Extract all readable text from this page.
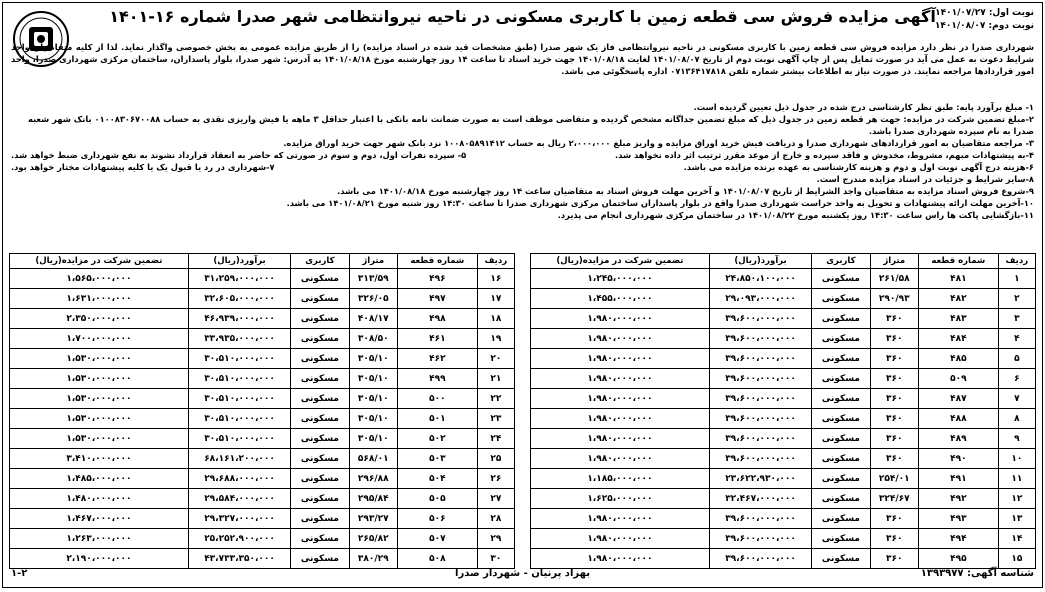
آگهی مزایده فروش سی قطعه زمین با کاربری مسکونی در ناحیه نیروانتظامی شهر صدرا شماره ۱۶-۱۴۰۱ نوبت اول: ۱۴۰۱/۰۷/۲۷
نوبت دوم: ۱۴۰۱/۰۸/۰۷
شهرداری صدرا در نظر دارد مزایده فروش سی قطعه زمین با کاربری مسکونی در ناحیه نیروانتظامی فاز یک شهر صدرا (طبق مشخصات قید شده در اسناد مزایده) را از طریق مزایده عمومی به بخش خصوصی واگذار نماید. لذا از کلیه متقاضیان واجد شرایط دعوت به عمل می آید در صورت تمایل پس از چاپ آگهی نوبت دوم از تاریخ ۱۴۰۱/۰۸/۰۷ لغایت ۱۴۰۱/۰۸/۱۸ جهت خرید اسناد تا ساعت ۱۴ روز چهارشنبه مورخ ۱۴۰۱/۰۸/۱۸ به آدرس: شهر صدرا، بلوار پاسداران، ساختمان مرکزی شهرداری صدرا، واحد امور قراردادها مراجعه نمایند. در صورت نیاز به اطلاعات بیشتر شماره تلفن ۰۷۱۳۶۴۱۷۸۱۸ اداره پاسخگوئی می باشد.
۱- مبلغ برآورد پایه: طبق نظر کارشناسی درج شده در جدول ذیل تعیین گردیده است.
۲-مبلغ تضمین شرکت در مزایده: جهت هر قطعه زمین در جدول ذیل که مبلغ تضمین جداگانه مشخص گردیده و متقاضی موظف است به صورت ضمانت نامه بانکی با اعتبار حداقل ۳ ماهه یا فیش واریزی نقدی به حساب ۰۱۰۰۸۳۰۶۷۰۰۸۸ بانک شهر شعبه صدرا به نام سپرده شهرداری صدرا باشد.
۳- مراجعه متقاضیان به امور قراردادهای شهرداری صدرا و دریافت فیش خرید اوراق مزایده و واریز مبلغ ۲،۰۰۰،۰۰۰ ریال به حساب ۱۰۰۸۰۵۸۹۱۴۱۲ نزد بانک شهر جهت خرید اوراق مزایده.
۴-به پیشنهادات مبهم، مشروط، مخدوش و فاقد سپرده و خارج از موعد مقرر ترتیب اثر داده نخواهد شد.
۵- سپرده نفرات اول، دوم و سوم در صورتی که حاضر به انعقاد قرارداد نشوند به نفع شهرداری ضبط خواهد شد.
۶-هزینه درج آگهی نوبت اول و دوم و هزینه کارشناسی به عهده برنده مزایده می باشد.
۷-شهرداری در رد یا قبول یک یا کلیه پیشنهادات مختار خواهد بود.
۸-سایر شرایط و جزئیات در اسناد مزایده مندرج است.
۹-شروع فروش اسناد مزایده به متقاضیان واجد الشرایط از تاریخ ۱۴۰۱/۰۸/۰۷ و آخرین مهلت فروش اسناد به متقاضیان ساعت ۱۴ روز چهارشنبه مورخ ۱۴۰۱/۰۸/۱۸ می باشد.
۱۰-آخرین مهلت ارائه پیشنهادات و تحویل به واحد حراست شهرداری صدرا واقع در بلوار پاسداران ساختمان مرکزی شهرداری صدرا تا ساعت ۱۴:۳۰ روز شنبه مورخ ۱۴۰۱/۰۸/۲۱ می باشد.
۱۱-بازگشایی پاکت ها راس ساعت ۱۴:۳۰ روز یکشنبه مورخ ۱۴۰۱/۰۸/۲۲ در ساختمان مرکزی شهرداری انجام می پذیرد.
ردیف	شماره قطعه	متراژ	کاربری	برآورد(ریال)	تضمین شرکت در مزایده(ریال)
۱	۴۸۱	۲۶۱/۵۸	مسکونی	۲۴،۸۵۰،۱۰۰،۰۰۰	۱،۲۴۵،۰۰۰،۰۰۰
۲	۴۸۲	۲۹۰/۹۳	مسکونی	۲۹،۰۹۳،۰۰۰،۰۰۰	۱،۴۵۵،۰۰۰،۰۰۰
۳	۴۸۳	۳۶۰	مسکونی	۳۹،۶۰۰،۰۰۰،۰۰۰	۱،۹۸۰،۰۰۰،۰۰۰
۴	۴۸۴	۳۶۰	مسکونی	۳۹،۶۰۰،۰۰۰،۰۰۰	۱،۹۸۰،۰۰۰،۰۰۰
۵	۴۸۵	۳۶۰	مسکونی	۳۹،۶۰۰،۰۰۰،۰۰۰	۱،۹۸۰،۰۰۰،۰۰۰
۶	۵۰۹	۳۶۰	مسکونی	۳۹،۶۰۰،۰۰۰،۰۰۰	۱،۹۸۰،۰۰۰،۰۰۰
۷	۴۸۷	۳۶۰	مسکونی	۳۹،۶۰۰،۰۰۰،۰۰۰	۱،۹۸۰،۰۰۰،۰۰۰
۸	۴۸۸	۳۶۰	مسکونی	۳۹،۶۰۰،۰۰۰،۰۰۰	۱،۹۸۰،۰۰۰،۰۰۰
۹	۴۸۹	۳۶۰	مسکونی	۳۹،۶۰۰،۰۰۰،۰۰۰	۱،۹۸۰،۰۰۰،۰۰۰
۱۰	۴۹۰	۳۶۰	مسکونی	۳۹،۶۰۰،۰۰۰،۰۰۰	۱،۹۸۰،۰۰۰،۰۰۰
۱۱	۴۹۱	۲۵۴/۰۱	مسکونی	۲۳،۶۲۲،۹۳۰،۰۰۰	۱،۱۸۵،۰۰۰،۰۰۰
۱۲	۴۹۲	۳۲۴/۶۷	مسکونی	۳۲،۴۶۷،۰۰۰،۰۰۰	۱،۶۲۵،۰۰۰،۰۰۰
۱۳	۴۹۳	۳۶۰	مسکونی	۳۹،۶۰۰،۰۰۰،۰۰۰	۱،۹۸۰،۰۰۰،۰۰۰
۱۴	۴۹۴	۳۶۰	مسکونی	۳۹،۶۰۰،۰۰۰،۰۰۰	۱،۹۸۰،۰۰۰،۰۰۰
۱۵	۴۹۵	۳۶۰	مسکونی	۳۹،۶۰۰،۰۰۰،۰۰۰	۱،۹۸۰،۰۰۰،۰۰۰
ردیف	شماره قطعه	متراژ	کاربری	برآورد(ریال)	تضمین شرکت در مزایده(ریال)
۱۶	۴۹۶	۳۱۳/۵۹	مسکونی	۳۱،۲۵۹،۰۰۰،۰۰۰	۱،۵۶۵،۰۰۰،۰۰۰
۱۷	۴۹۷	۳۲۶/۰۵	مسکونی	۳۲،۶۰۵،۰۰۰،۰۰۰	۱،۶۳۱،۰۰۰،۰۰۰
۱۸	۴۹۸	۴۰۸/۱۷	مسکونی	۴۶،۹۳۹،۰۰۰،۰۰۰	۲،۳۵۰،۰۰۰،۰۰۰
۱۹	۴۶۱	۳۰۸/۵۰	مسکونی	۳۳،۹۳۵،۰۰۰،۰۰۰	۱،۷۰۰،۰۰۰،۰۰۰
۲۰	۴۶۲	۳۰۵/۱۰	مسکونی	۳۰،۵۱۰،۰۰۰،۰۰۰	۱،۵۳۰،۰۰۰،۰۰۰
۲۱	۴۹۹	۳۰۵/۱۰	مسکونی	۳۰،۵۱۰،۰۰۰،۰۰۰	۱،۵۳۰،۰۰۰،۰۰۰
۲۲	۵۰۰	۳۰۵/۱۰	مسکونی	۳۰،۵۱۰،۰۰۰،۰۰۰	۱،۵۳۰،۰۰۰،۰۰۰
۲۳	۵۰۱	۳۰۵/۱۰	مسکونی	۳۰،۵۱۰،۰۰۰،۰۰۰	۱،۵۳۰،۰۰۰،۰۰۰
۲۴	۵۰۲	۳۰۵/۱۰	مسکونی	۳۰،۵۱۰،۰۰۰،۰۰۰	۱،۵۳۰،۰۰۰،۰۰۰
۲۵	۵۰۳	۵۶۸/۰۱	مسکونی	۶۸،۱۶۱،۲۰۰،۰۰۰	۳،۴۱۰،۰۰۰،۰۰۰
۲۶	۵۰۴	۲۹۶/۸۸	مسکونی	۲۹،۶۸۸،۰۰۰،۰۰۰	۱،۴۸۵،۰۰۰،۰۰۰
۲۷	۵۰۵	۲۹۵/۸۴	مسکونی	۲۹،۵۸۴،۰۰۰،۰۰۰	۱،۴۸۰،۰۰۰،۰۰۰
۲۸	۵۰۶	۲۹۳/۲۷	مسکونی	۲۹،۳۲۷،۰۰۰،۰۰۰	۱،۴۶۷،۰۰۰،۰۰۰
۲۹	۵۰۷	۲۶۵/۸۲	مسکونی	۲۵،۲۵۲،۹۰۰،۰۰۰	۱،۲۶۳،۰۰۰،۰۰۰
۳۰	۵۰۸	۳۸۰/۲۹	مسکونی	۴۳،۷۳۳،۳۵۰،۰۰۰	۲،۱۹۰،۰۰۰،۰۰۰
شناسه آگهی: ۱۳۹۳۹۷۷
بهزاد پرنیان - شهردار صدرا
۱-۲
